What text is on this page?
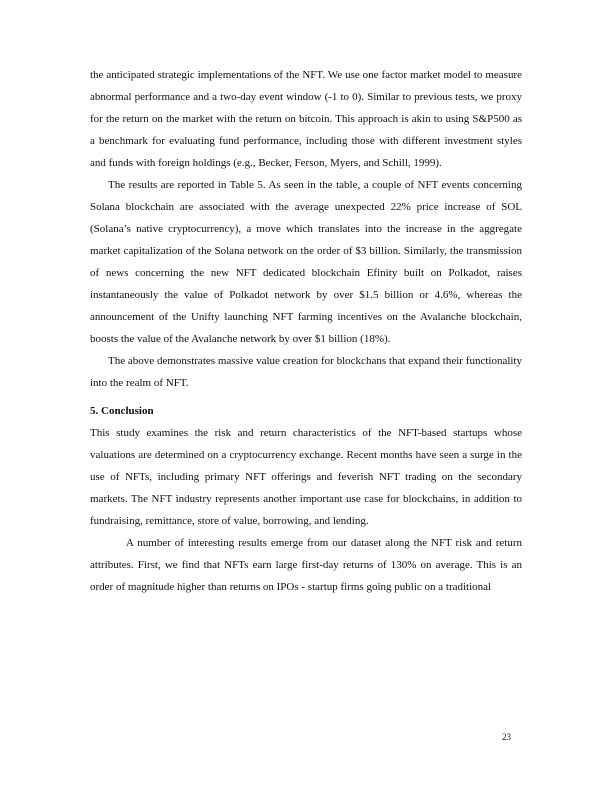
the anticipated strategic implementations of the NFT. We use one factor market model to measure abnormal performance and a two-day event window (-1 to 0). Similar to previous tests, we proxy for the return on the market with the return on bitcoin. This approach is akin to using S&P500 as a benchmark for evaluating fund performance, including those with different investment styles and funds with foreign holdings (e.g., Becker, Ferson, Myers, and Schill, 1999).

The results are reported in Table 5. As seen in the table, a couple of NFT events concerning Solana blockchain are associated with the average unexpected 22% price increase of SOL (Solana’s native cryptocurrency), a move which translates into the increase in the aggregate market capitalization of the Solana network on the order of $3 billion. Similarly, the transmission of news concerning the new NFT dedicated blockchain Efinity built on Polkadot, raises instantaneously the value of Polkadot network by over $1.5 billion or 4.6%, whereas the announcement of the Unifty launching NFT farming incentives on the Avalanche blockchain, boosts the value of the Avalanche network by over $1 billion (18%).

The above demonstrates massive value creation for blockchans that expand their functionality into the realm of NFT.

5. Conclusion

This study examines the risk and return characteristics of the NFT-based startups whose valuations are determined on a cryptocurrency exchange. Recent months have seen a surge in the use of NFTs, including primary NFT offerings and feverish NFT trading on the secondary markets. The NFT industry represents another important use case for blockchains, in addition to fundraising, remittance, store of value, borrowing, and lending.

A number of interesting results emerge from our dataset along the NFT risk and return attributes. First, we find that NFTs earn large first-day returns of 130% on average. This is an order of magnitude higher than returns on IPOs - startup firms going public on a traditional

23
